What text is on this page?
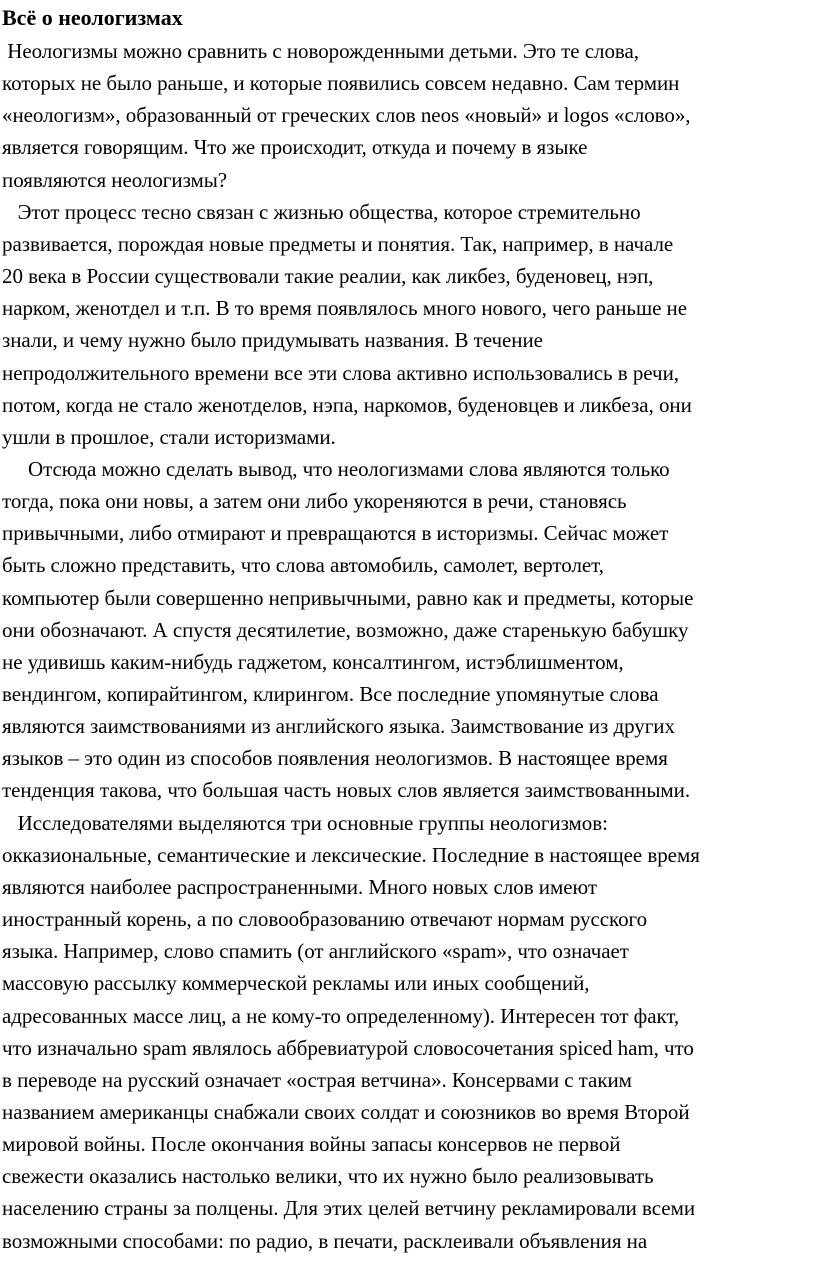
Всё о неологизмах
Неологизмы можно сравнить с новорожденными детьми. Это те слова,
которых не было раньше, и которые появились совсем недавно. Сам термин
«неологизм», образованный от греческих слов neos «новый» и logos «слово»,
является говорящим. Что же происходит, откуда и почему в языке
появляются неологизмы?
Этот процесс тесно связан с жизнью общества, которое стремительно
развивается, порождая новые предметы и понятия. Так, например, в начале
20 века в России существовали такие реалии, как ликбез, буденовец, нэп,
нарком, женотдел и т.п. В то время появлялось много нового, чего раньше не
знали, и чему нужно было придумывать названия. В течение
непродолжительного времени все эти слова активно использовались в речи,
потом, когда не стало женотделов, нэпа, наркомов, буденовцев и ликбеза, они
ушли в прошлое, стали историзмами.
Отсюда можно сделать вывод, что неологизмами слова являются только
тогда, пока они новы, а затем они либо укореняются в речи, становясь
привычными, либо отмирают и превращаются в историзмы. Сейчас может
быть сложно представить, что слова автомобиль, самолет, вертолет,
компьютер были совершенно непривычными, равно как и предметы, которые
они обозначают. А спустя десятилетие, возможно, даже старенькую бабушку
не удивишь каким-нибудь гаджетом, консалтингом, истэблишментом,
вендингом, копирайтингом, клирингом. Все последние упомянутые слова
являются заимствованиями из английского языка. Заимствование из других
языков – это один из способов появления неологизмов. В настоящее время
тенденция такова, что большая часть новых слов является заимствованными.
Исследователями выделяются три основные группы неологизмов:
окказиональные, семантические и лексические. Последние в настоящее время
являются наиболее распространенными. Много новых слов имеют
иностранный корень, а по словообразованию отвечают нормам русского
языка. Например, слово спамить (от английского «spam», что означает
массовую рассылку коммерческой рекламы или иных сообщений,
адресованных массе лиц, а не кому-то определенному). Интересен тот факт,
что изначально spam являлось аббревиатурой словосочетания spiced ham, что
в переводе на русский означает «острая ветчина». Консервами с таким
названием американцы снабжали своих солдат и союзников во время Второй
мировой войны. После окончания войны запасы консервов не первой
свежести оказались настолько велики, что их нужно было реализовывать
населению страны за полцены. Для этих целей ветчину рекламировали всеми
возможными способами: по радио, в печати, расклеивали объявления на
